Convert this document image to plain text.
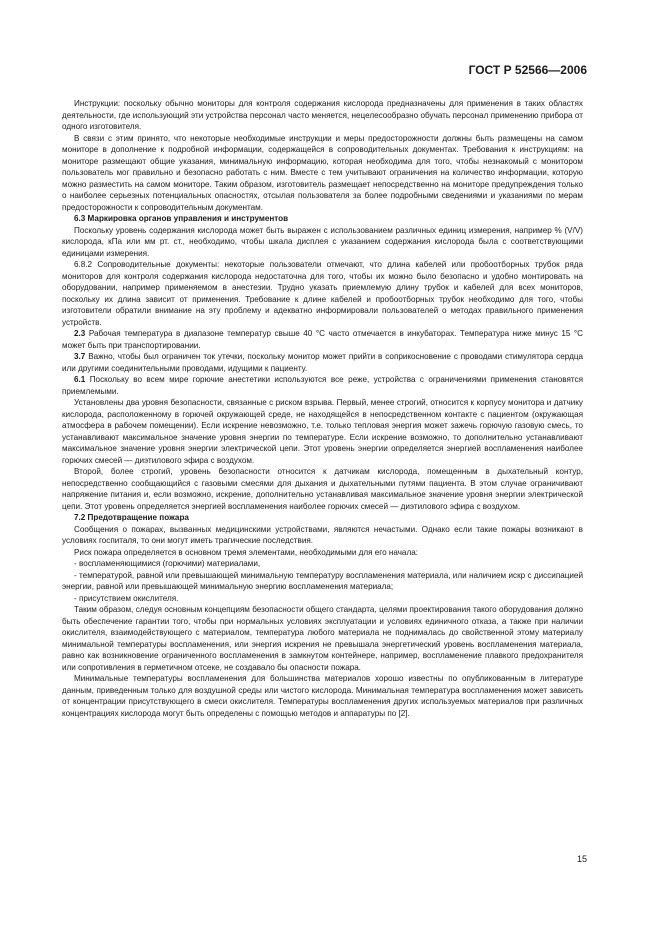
ГОСТ Р 52566—2006

Инструкции: поскольку обычно мониторы для контроля содержания кислорода предназначены для применения в таких областях деятельности, где использующий эти устройства персонал часто меняется, нецелесообразно обучать персонал применению прибора от одного изготовителя.

В связи с этим принято, что некоторые необходимые инструкции и меры предосторожности должны быть размещены на самом мониторе в дополнение к подробной информации, содержащейся в сопроводительных документах. Требования к инструкциям: на мониторе размещают общие указания, минимальную информацию, которая необходима для того, чтобы незнакомый с монитором пользователь мог правильно и безопасно работать с ним. Вместе с тем учитывают ограничения на количество информации, которую можно разместить на самом мониторе. Таким образом, изготовитель размещает непосредственно на мониторе предупреждения только о наиболее серьезных потенциальных опасностях, отсылая пользователя за более подробными сведениями и указаниями по мерам предосторожности к сопроводительным документам.

6.3 Маркировка органов управления и инструментов

Поскольку уровень содержания кислорода может быть выражен с использованием различных единиц измерения, например % (V/V) кислорода, кПа или мм рт. ст., необходимо, чтобы шкала дисплея с указанием содержания кислорода была с соответствующими единицами измерения.

6.8.2 Сопроводительные документы: некоторые пользователи отмечают, что длина кабелей или пробоотборных трубок ряда мониторов для контроля содержания кислорода недостаточна для того, чтобы их можно было безопасно и удобно монтировать на оборудовании, например применяемом в анестезии. Трудно указать приемлемую длину трубок и кабелей для всех мониторов, поскольку их длина зависит от применения. Требование к длине кабелей и пробоотборных трубок необходимо для того, чтобы изготовители обратили внимание на эту проблему и адекватно информировали пользователей о методах правильного применения устройств.

2.3 Рабочая температура в диапазоне температур свыше 40 °С часто отмечается в инкубаторах. Температура ниже минус 15 °С может быть при транспортировании.

3.7 Важно, чтобы был ограничен ток утечки, поскольку монитор может прийти в соприкосновение с проводами стимулятора сердца или другими соединительными проводами, идущими к пациенту.

6.1 Поскольку во всем мире горючие анестетики используются все реже, устройства с ограничениями применения становятся приемлемыми.

Установлены два уровня безопасности, связанные с риском взрыва. Первый, менее строгий, относится к корпусу монитора и датчику кислорода, расположенному в горючей окружающей среде, не находящейся в непосредственном контакте с пациентом (окружающая атмосфера в рабочем помещении). Если искрение невозможно, т.е. только тепловая энергия может зажечь горючую газовую смесь, то устанавливают максимальное значение уровня энергии по температуре. Если искрение возможно, то дополнительно устанавливают максимальное значение уровня энергии электрической цепи. Этот уровень энергии определяется энергией воспламенения наиболее горючих смесей — диэтилового эфира с воздухом.

Второй, более строгий, уровень безопасности относится к датчикам кислорода, помещенным в дыхательный контур, непосредственно сообщающийся с газовыми смесями для дыхания и дыхательными путями пациента. В этом случае ограничивают напряжение питания и, если возможно, искрение, дополнительно устанавливая максимальное значение уровня энергии электрической цепи. Этот уровень определяется энергией воспламенения наиболее горючих смесей — диэтилового эфира с воздухом.

7.2 Предотвращение пожара

Сообщения о пожарах, вызванных медицинскими устройствами, являются нечастыми. Однако если такие пожары возникают в условиях госпиталя, то они могут иметь трагические последствия.

Риск пожара определяется в основном тремя элементами, необходимыми для его начала:

- воспламеняющимися (горючими) материалами,

- температурой, равной или превышающей минимальную температуру воспламенения материала, или наличием искр с диссипацией энергии, равной или превышающей минимальную энергию воспламенения материала;

- присутствием окислителя.

Таким образом, следуя основным концепциям безопасности общего стандарта, целями проектирования такого оборудования должно быть обеспечение гарантии того, чтобы при нормальных условиях эксплуатации и условиях единичного отказа, а также при наличии окислителя, взаимодействующего с материалом, температура любого материала не поднималась до свойственной этому материалу минимальной температуры воспламенения, или энергия искрения не превышала энергетический уровень воспламенения материала, равно как возникновение ограниченного воспламенения в замкнутом контейнере, например, воспламенение плавкого предохранителя или сопротивления в герметичном отсеке, не создавало бы опасности пожара.

Минимальные температуры воспламенения для большинства материалов хорошо известны по опубликованным в литературе данным, приведенным только для воздушной среды или чистого кислорода. Минимальная температура воспламенения может зависеть от концентрации присутствующего в смеси окислителя. Температуры воспламенения других используемых материалов при различных концентрациях кислорода могут быть определены с помощью методов и аппаратуры по [2].

15
